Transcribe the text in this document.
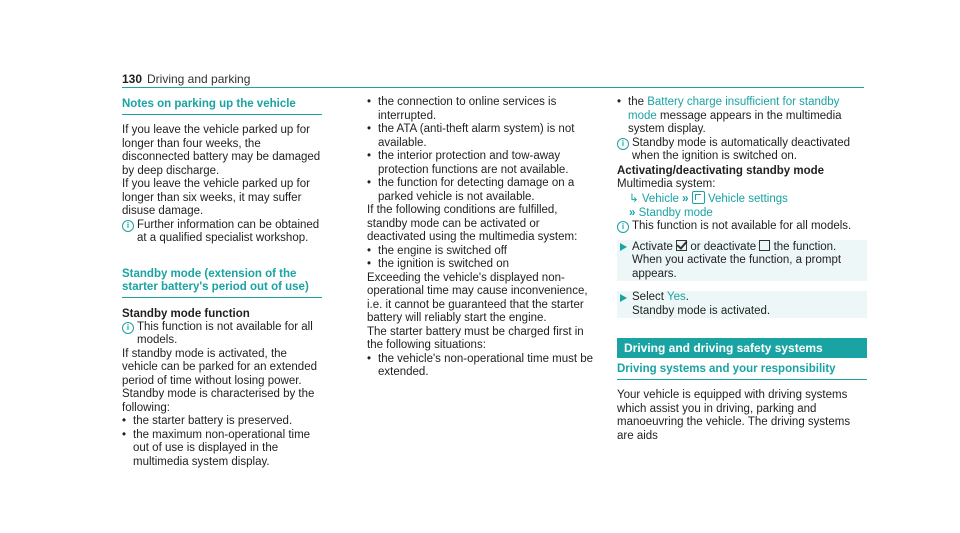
130 Driving and parking
Notes on parking up the vehicle

If you leave the vehicle parked up for longer than four weeks, the disconnected battery may be damaged by deep discharge.

If you leave the vehicle parked up for longer than six weeks, it may suffer disuse damage.

i Further information can be obtained at a qualified specialist workshop.

Standby mode (extension of the starter battery's period out of use)
Standby mode function
i This function is not available for all models.

If standby mode is activated, the vehicle can be parked for an extended period of time without losing power.

Standby mode is characterised by the following:

• the starter battery is preserved.
• the maximum non-operational time out of use is displayed in the multimedia system display.
• the connection to online services is interrupted.
• the ATA (anti-theft alarm system) is not available.
• the interior protection and tow-away protection functions are not available.
• the function for detecting damage on a parked vehicle is not available.

If the following conditions are fulfilled, standby mode can be activated or deactivated using the multimedia system:

• the engine is switched off
• the ignition is switched on

Exceeding the vehicle's displayed non-operational time may cause inconvenience, i.e. it cannot be guaranteed that the starter battery will reliably start the engine.

The starter battery must be charged first in the following situations:

• the vehicle's non-operational time must be extended.
• the Battery charge insufficient for standby mode message appears in the multimedia system display.
i Standby mode is automatically deactivated when the ignition is switched on.

Activating/deactivating standby mode

Multimedia system:

↳ Vehicle » Vehicle settings
» Standby mode
i This function is not available for all models.

Activate or deactivate the function.

When you activate the function, a prompt appears.

Select Yes.

Standby mode is activated.

Driving and driving safety systems
Driving systems and your responsibility

Your vehicle is equipped with driving systems which assist you in driving, parking and manoeuvring the vehicle. The driving systems are aids
